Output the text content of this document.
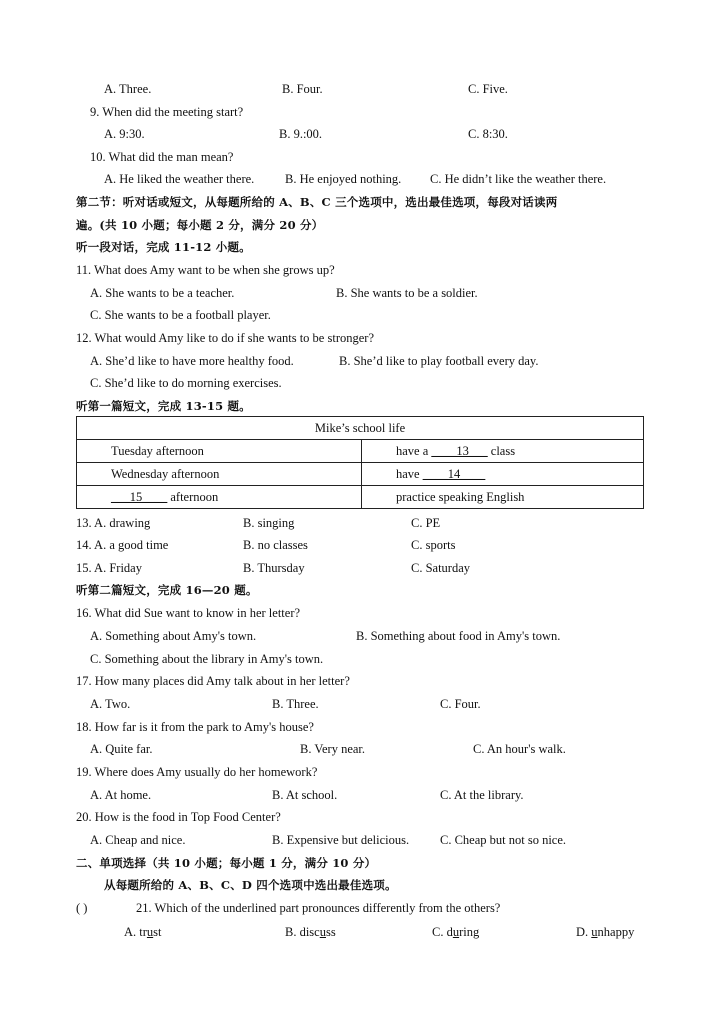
A. Three.	B. Four.	C. Five.
9. When did the meeting start?
A. 9:30.	B. 9.:00.	C. 8:30.
10. What did the man mean?
A. He liked the weather there. B. He enjoyed nothing. C. He didn’t like the weather there.
第二节：听对话或短文，从每题所给的 A、B、C 三个选项中，选出最佳选项，每段对话读两
遍。(共 10 小题；每小题 2 分，满分 20 分）
听一段对话，完成 11-12 小题。
11. What does Amy want to be when she grows up?
A. She wants to be a teacher.	B. She wants to be a soldier.
C. She wants to be a football player.
12. What would Amy like to do if she wants to be stronger?
A. She’d like to have more healthy food.	B. She’d like to play football every day.
C. She’d like to do morning exercises.
听第一篇短文，完成 13-15 题。
Mike’s school life	
Tuesday afternoon	have a ____13___ class
Wednesday afternoon	have ____14____
___15____ afternoon	practice speaking English
13. A. drawing	B. singing	C. PE
14. A. a good time	B. no classes	C. sports
15. A. Friday	B. Thursday	C. Saturday
听第二篇短文，完成 16—20 题。
16. What did Sue want to know in her letter?
A. Something about Amy's town.	B. Something about food in Amy's town.
C. Something about the library in Amy's town.
17. How many places did Amy talk about in her letter?
A. Two.	B. Three.	C. Four.
18. How far is it from the park to Amy's house?
A. Quite far.	B. Very near.	C. An hour's walk.
19. Where does Amy usually do her homework?
A. At home.	B. At school.	C. At the library.
20. How is the food in Top Food Center?
A. Cheap and nice.	B. Expensive but delicious. C. Cheap but not so nice.
二、单项选择（共 10 小题；每小题 1 分，满分 10 分）
从每题所给的 A、B、C、D 四个选项中选出最佳选项。
( )	21. Which of the underlined part pronounces differently from the others?
A. trust	B. discuss	C. during	D. unhappy
